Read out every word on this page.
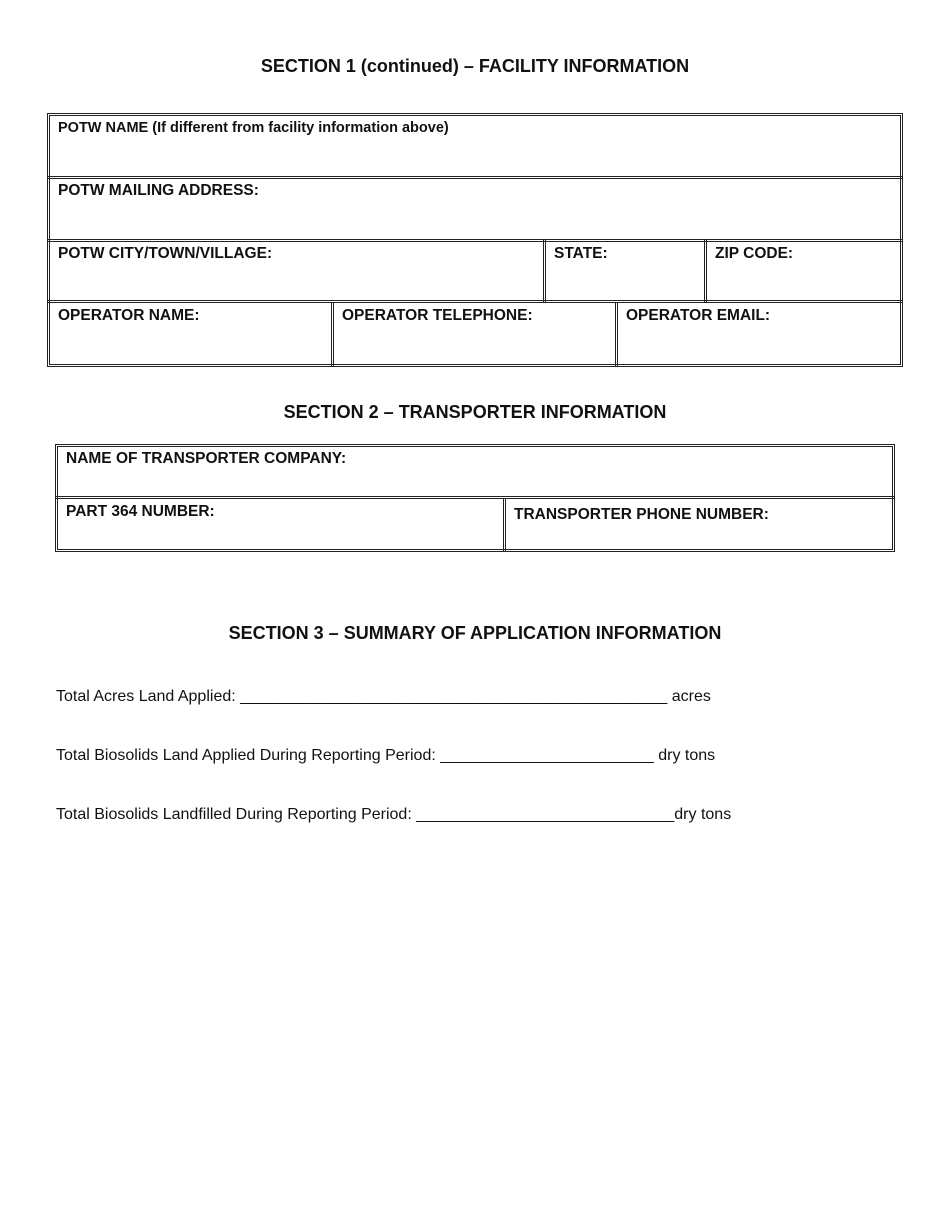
SECTION 1 (continued) – FACILITY INFORMATION
POTW NAME (If different from facility information above)
POTW MAILING ADDRESS:
POTW CITY/TOWN/VILLAGE:	STATE:	ZIP CODE:
OPERATOR NAME:	OPERATOR TELEPHONE:	OPERATOR EMAIL:
SECTION 2 – TRANSPORTER INFORMATION
NAME OF TRANSPORTER COMPANY:
PART 364 NUMBER:	TRANSPORTER PHONE NUMBER:
SECTION 3 – SUMMARY OF APPLICATION INFORMATION
Total Acres Land Applied: ________________________________________________ acres
Total Biosolids Land Applied During Reporting Period: ________________________ dry tons
Total Biosolids Landfilled During Reporting Period: _____________________________dry tons
